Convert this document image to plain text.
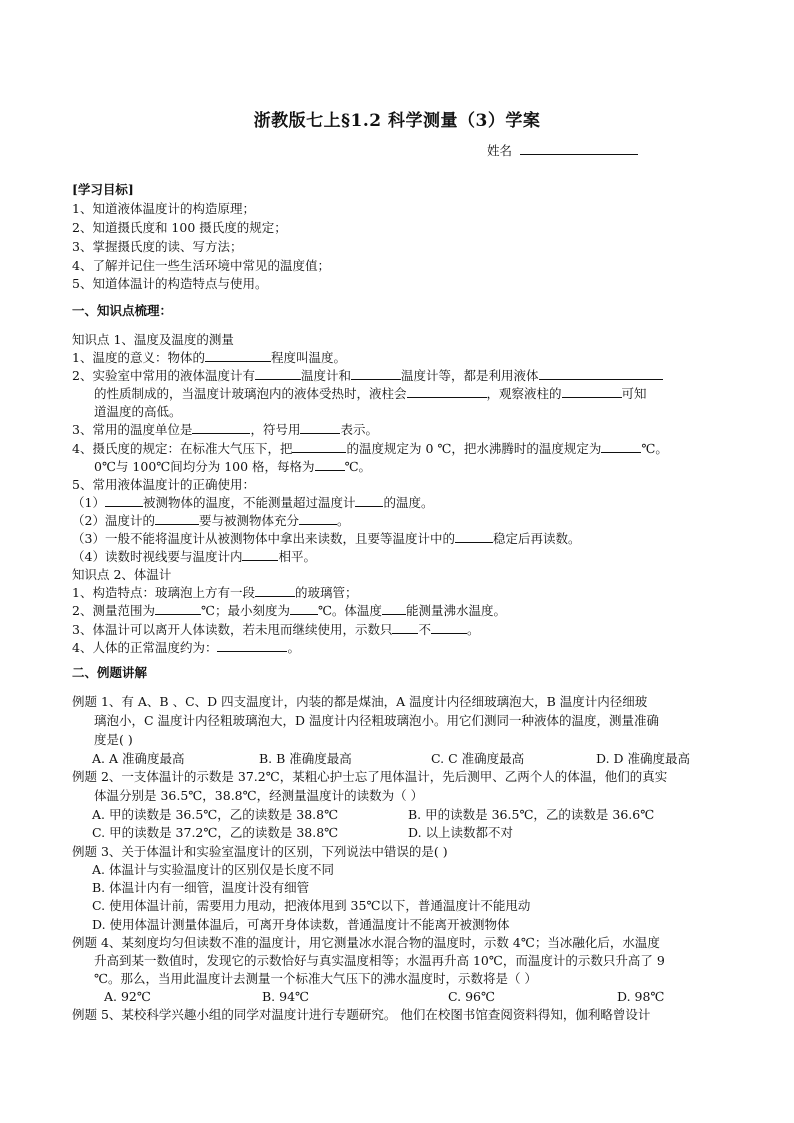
浙教版七上§1.2 科学测量（3）学案
姓名
[学习目标]
1、知道液体温度计的构造原理；
2、知道摄氏度和 100 摄氏度的规定；
3、掌握摄氏度的读、写方法；
4、了解并记住一些生活环境中常见的温度值；
5、知道体温计的构造特点与使用。
一、知识点梳理：
知识点 1、温度及温度的测量
1、温度的意义：物体的	程度叫温度。
2、实验室中常用的液体温度计有	温度计和	温度计等，都是利用液体
的性质制成的，当温度计玻璃泡内的液体受热时，液柱会	，观察液柱的	可知
道温度的高低。
3、常用的温度单位是	，符号用	表示。
4、摄氏度的规定：在标准大气压下，把	的温度规定为 0 ℃，把水沸腾时的温度规定为	℃。
0℃与 100℃间均分为 100 格，每格为 ℃。
5、常用液体温度计的正确使用：
（1）	被测物体的温度，不能测量超过温度计 的温度。
（2）温度计的	要与被测物体充分	。
（3）一般不能将温度计从被测物体中拿出来读数，且要等温度计中的	稳定后再读数。
（4）读数时视线要与温度计内	相平。
知识点 2、体温计
1、构造特点：玻璃泡上方有一段	的玻璃管；
2、测量范围为	℃；最小刻度为 ℃。体温度 能测量沸水温度。
3、体温计可以离开人体读数，若未甩而继续使用，示数只 不	。
4、人体的正常温度约为：	。
二、例题讲解
例题 1、有 A、B 、C、D 四支温度计，内装的都是煤油，A 温度计内径细玻璃泡大，B 温度计内径细玻
璃泡小，C 温度计内径粗玻璃泡大，D 温度计内径粗玻璃泡小。用它们测同一种液体的温度，测量准确
度是( )
A. A 准确度最高	B. B 准确度最高	C. C 准确度最高	D. D 准确度最高
例题 2、一支体温计的示数是 37.2℃，某粗心护士忘了甩体温计，先后测甲、乙两个人的体温，他们的真实
体温分别是 36.5℃，38.8℃，经测量温度计的读数为（ ）
A. 甲的读数是 36.5℃，乙的读数是 38.8℃	B. 甲的读数是 36.5℃，乙的读数是 36.6℃
C. 甲的读数是 37.2℃，乙的读数是 38.8℃	D. 以上读数都不对
例题 3、关于体温计和实验室温度计的区别，下列说法中错误的是( )
A. 体温计与实验温度计的区别仅是长度不同
B. 体温计内有一细管，温度计没有细管
C. 使用体温计前，需要用力甩动，把液体甩到 35℃以下，普通温度计不能甩动
D. 使用体温计测量体温后，可离开身体读数，普通温度计不能离开被测物体
例题 4、某刻度均匀但读数不准的温度计，用它测量冰水混合物的温度时，示数 4℃；当冰融化后，水温度
升高到某一数值时，发现它的示数恰好与真实温度相等；水温再升高 10℃，而温度计的示数只升高了 9
℃。那么，当用此温度计去测量一个标准大气压下的沸水温度时，示数将是（ ）
A. 92℃	B. 94℃	C. 96℃	D. 98℃
例题 5、某校科学兴趣小组的同学对温度计进行专题研究。 他们在校图书馆查阅资料得知，伽利略曾设计
